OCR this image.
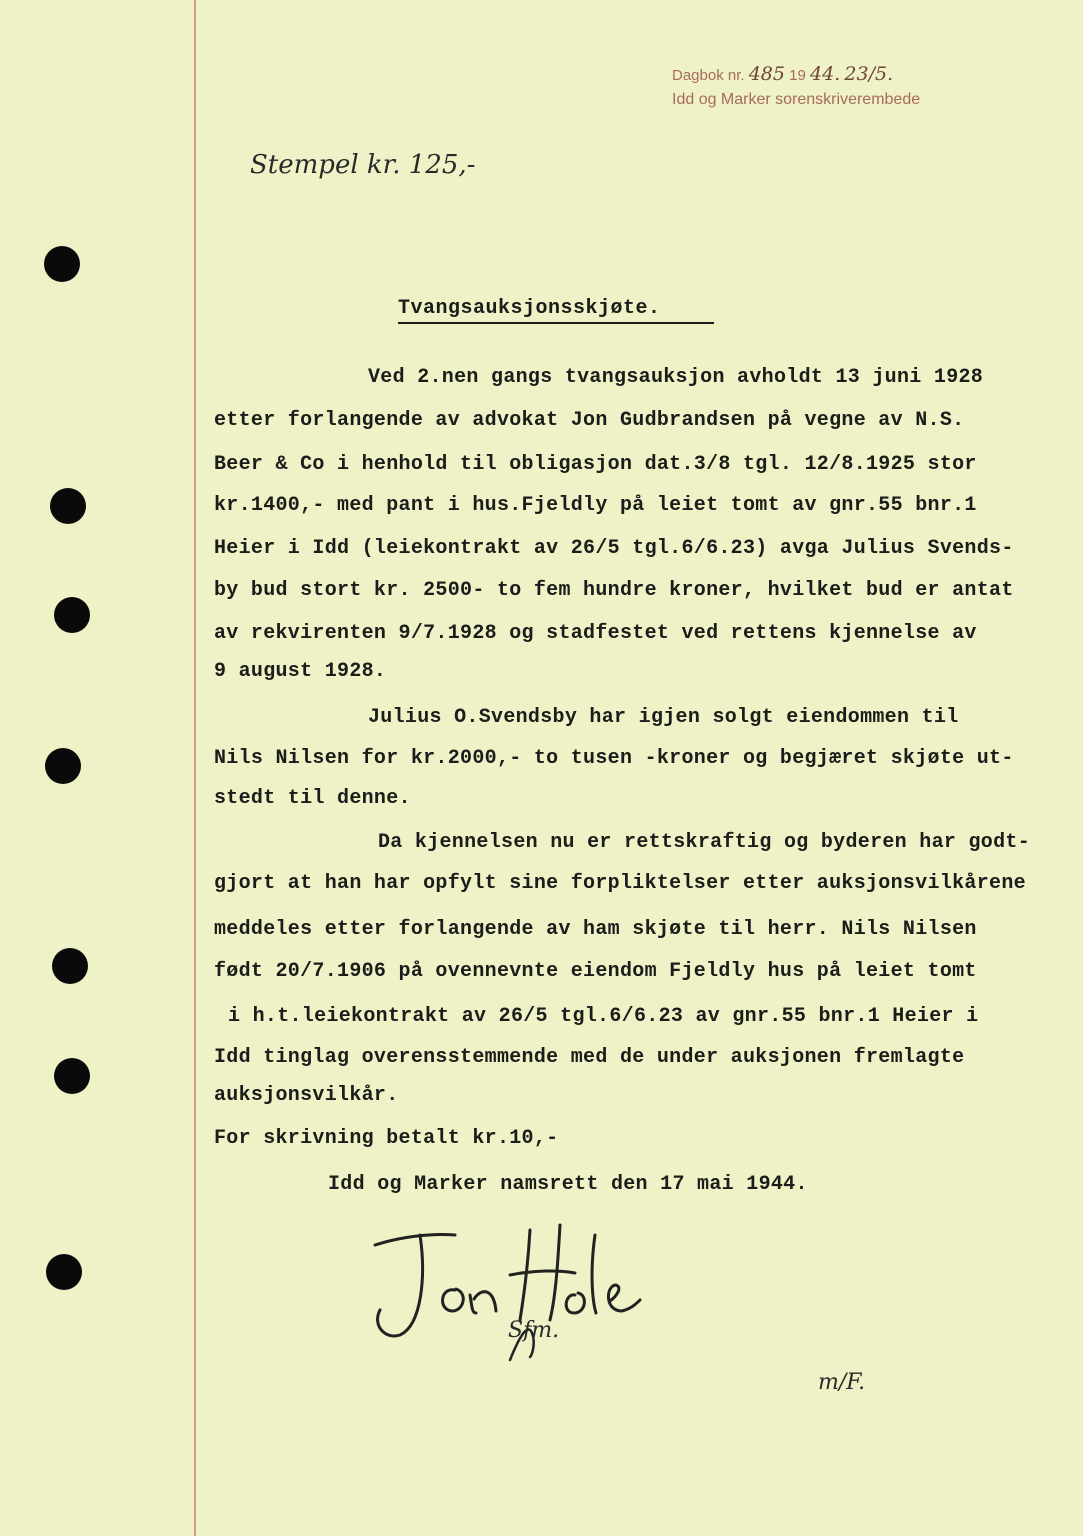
Dagbok nr. 485 19 44. 23/5.
Idd og Marker sorenskriverembede
Stempel kr. 125,-
Tvangsauksjonsskjøte.
Ved 2.nen gangs tvangsauksjon avholdt 13 juni 1928
etter forlangende av advokat Jon Gudbrandsen på vegne av N.S.
Beer & Co i henhold til obligasjon dat.3/8 tgl. 12/8.1925 stor
kr.1400,- med pant i hus.Fjeldly på leiet tomt av gnr.55 bnr.1
Heier i Idd (leiekontrakt av 26/5 tgl.6/6.23) avga Julius Svends-
by bud stort kr. 2500- to fem hundre kroner, hvilket bud er antat
av rekvirenten 9/7.1928 og stadfestet ved rettens kjennelse av
9 august 1928.
Julius O.Svendsby har igjen solgt eiendommen til
Nils Nilsen for kr.2000,- to tusen -kroner og begjæret skjøte ut-
stedt til denne.
Da kjennelsen nu er rettskraftig og byderen har godt-
gjort at han har opfylt sine forpliktelser etter auksjonsvilkårene
meddeles etter forlangende av ham skjøte til herr. Nils Nilsen
født 20/7.1906 på ovennevnte eiendom Fjeldly hus på leiet tomt
i h.t.leiekontrakt av 26/5 tgl.6/6.23 av gnr.55 bnr.1 Heier i
Idd tinglag overensstemmende med de under auksjonen fremlagte
auksjonsvilkår.
For skrivning betalt kr.10,-
Idd og Marker namsrett den 17 mai 1944.
Sfm.
m/F.
